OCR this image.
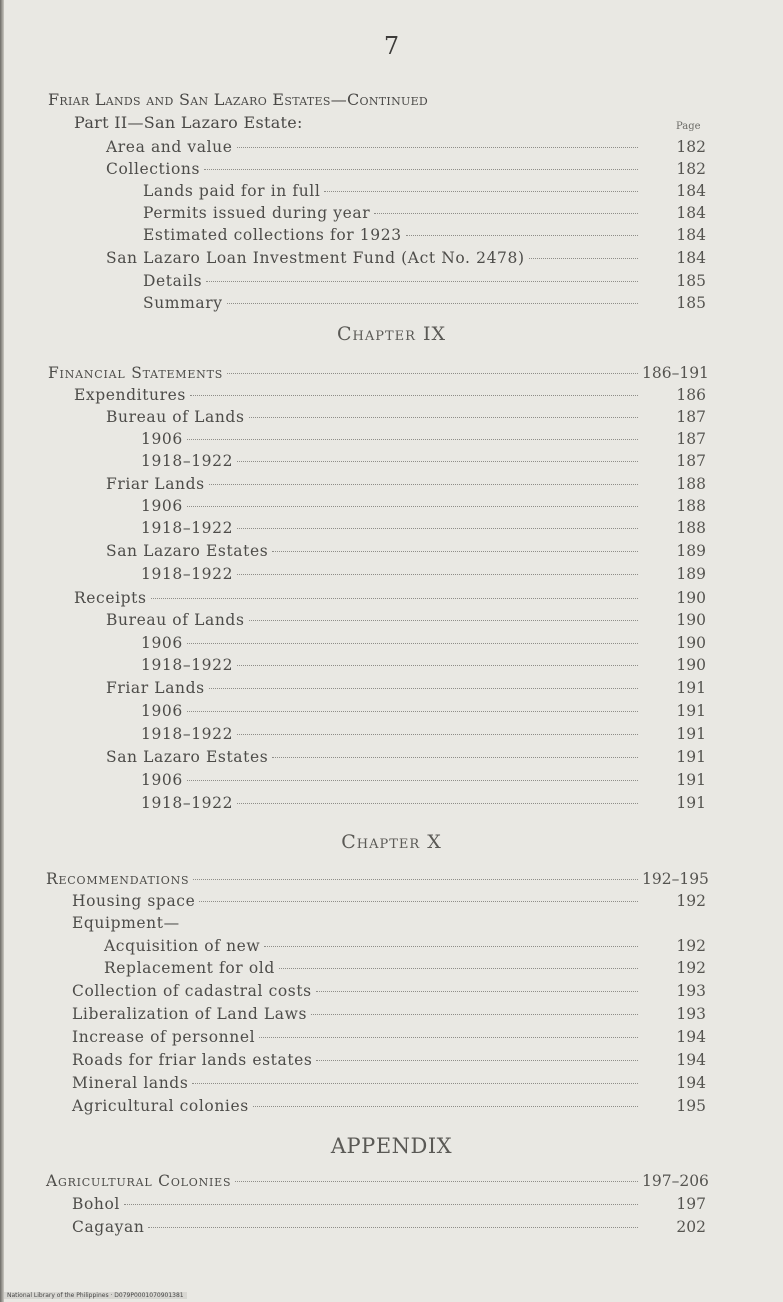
7
Friar Lands and San Lazaro Estates—Continued
Part II—San Lazaro Estate:	Page
Area and value	182
Collections	182
Lands paid for in full	184
Permits issued during year	184
Estimated collections for 1923	184
San Lazaro Loan Investment Fund (Act No. 2478)	184
Details	185
Summary	185
Chapter IX
Financial Statements	186–191
Expenditures	186
Bureau of Lands	187
1906	187
1918–1922	187
Friar Lands	188
1906	188
1918–1922	188
San Lazaro Estates	189
1918–1922	189
Receipts	190
Bureau of Lands	190
1906	190
1918–1922	190
Friar Lands	191
1906	191
1918–1922	191
San Lazaro Estates	191
1906	191
1918–1922	191
Chapter X
Recommendations	192–195
Housing space	192
Equipment—
Acquisition of new	192
Replacement for old	192
Collection of cadastral costs	193
Liberalization of Land Laws	193
Increase of personnel	194
Roads for friar lands estates	194
Mineral lands	194
Agricultural colonies	195
APPENDIX
Agricultural Colonies	197–206
Bohol	197
Cagayan	202
National Library of the Philippines · D079P0001070901381
